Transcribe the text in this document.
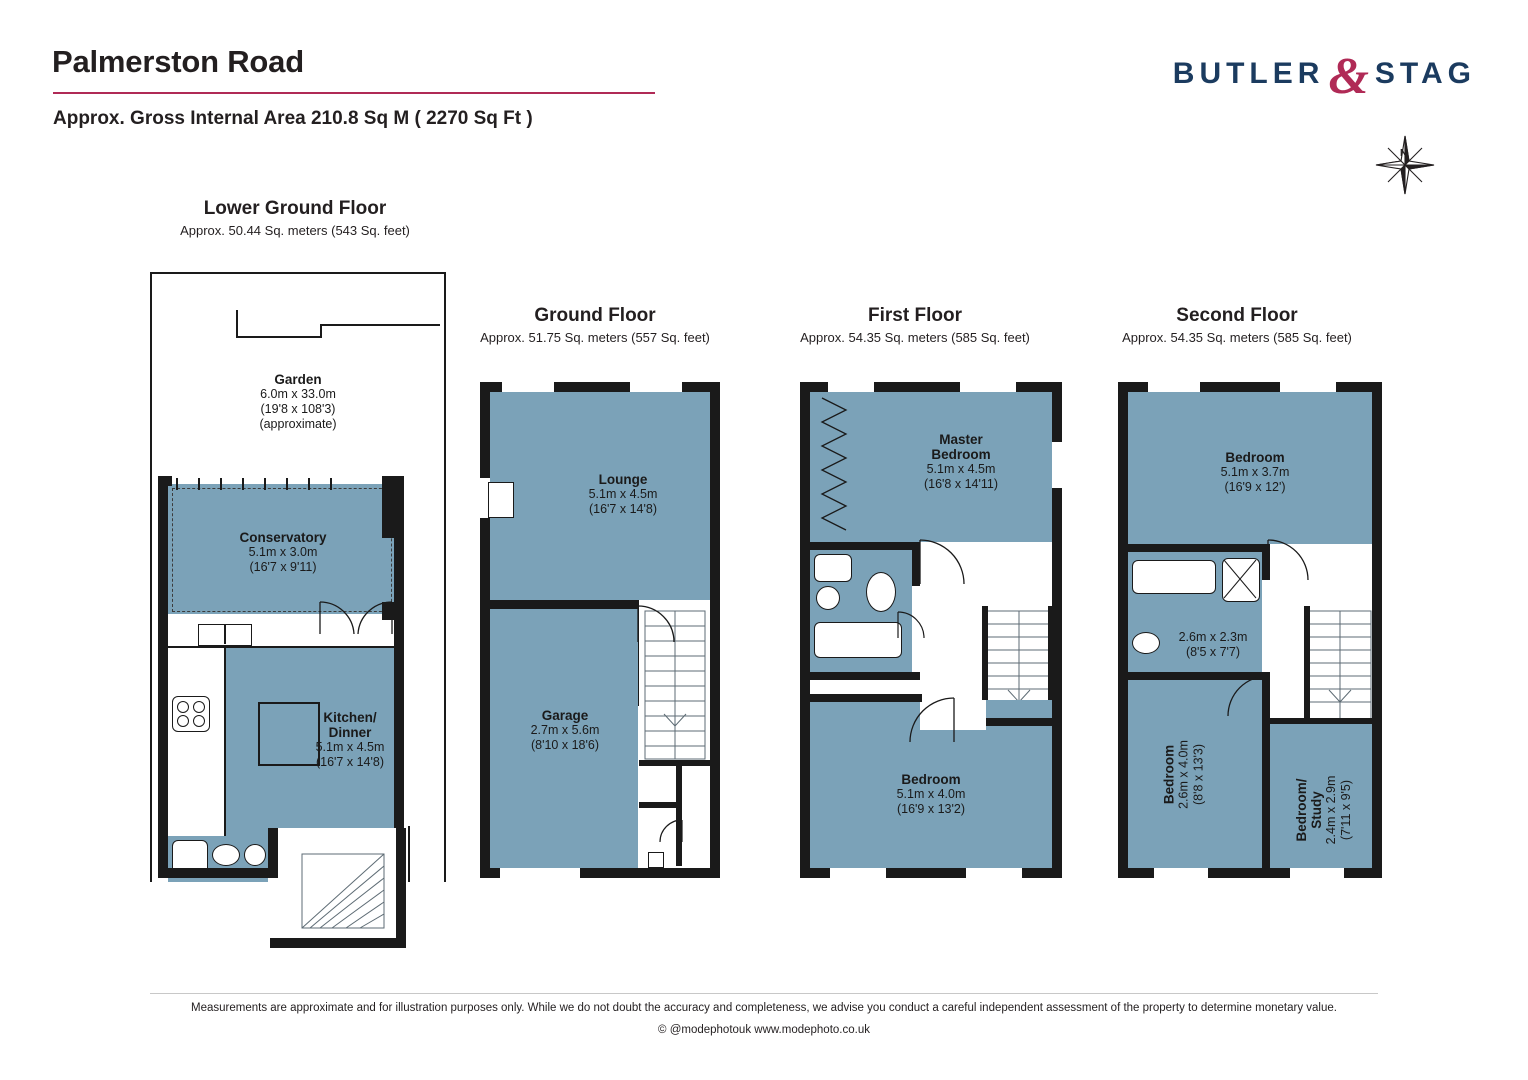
Palmerston Road
Approx. Gross Internal Area 210.8 Sq M ( 2270 Sq Ft )
BUTLER & STAG
N
Lower Ground Floor
Approx. 50.44 Sq. meters (543 Sq. feet)
Ground Floor
Approx. 51.75 Sq. meters (557 Sq. feet)
First Floor
Approx. 54.35 Sq. meters (585 Sq. feet)
Second Floor
Approx. 54.35 Sq. meters (585 Sq. feet)
Garden
6.0m x 33.0m
(19'8 x 108'3)
(approximate)
Conservatory
5.1m x 3.0m
(16'7 x 9'11)
Kitchen/
Dinner
5.1m x 4.5m
(16'7 x 14'8)
Lounge
5.1m x 4.5m
(16'7 x 14'8)
Garage
2.7m x 5.6m
(8'10 x 18'6)
Master
Bedroom
5.1m x 4.5m
(16'8 x 14'11)
Bedroom
5.1m x 4.0m
(16'9 x 13'2)
Bedroom
5.1m x 3.7m
(16'9 x 12')
2.6m x 2.3m
(8'5 x 7'7)
Bedroom 2.6m x 4.0m
(8'8 x 13'3)
Bedroom/ Study 2.4m x 2.9m
(7'11 x 9'5)
Measurements are approximate and for illustration purposes only. While we do not doubt the accuracy and completeness, we advise you conduct a careful independent assessment of the property to determine monetary value.
© @modephotouk www.modephoto.co.uk
